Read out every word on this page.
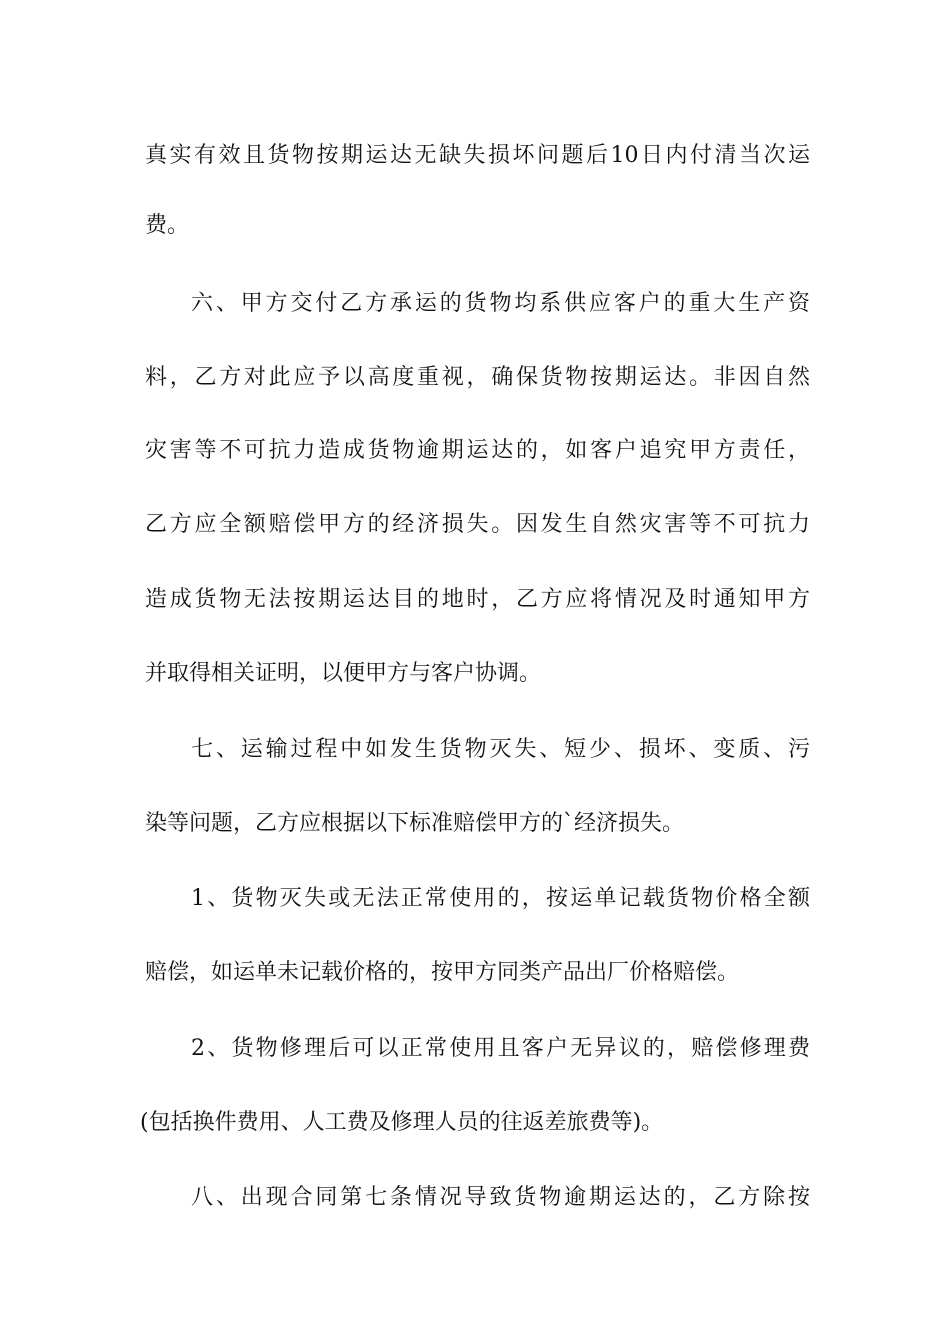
真实有效且货物按期运达无缺失损坏问题后10日内付清当次运
费。
六、甲方交付乙方承运的货物均系供应客户的重大生产资
料，乙方对此应予以高度重视，确保货物按期运达。非因自然
灾害等不可抗力造成货物逾期运达的，如客户追究甲方责任，
乙方应全额赔偿甲方的经济损失。因发生自然灾害等不可抗力
造成货物无法按期运达目的地时，乙方应将情况及时通知甲方
并取得相关证明，以便甲方与客户协调。
七、运输过程中如发生货物灭失、短少、损坏、变质、污
染等问题，乙方应根据以下标准赔偿甲方的`经济损失。
1、货物灭失或无法正常使用的，按运单记载货物价格全额
赔偿，如运单未记载价格的，按甲方同类产品出厂价格赔偿。
2、货物修理后可以正常使用且客户无异议的，赔偿修理费
(包括换件费用、人工费及修理人员的往返差旅费等)。
八、出现合同第七条情况导致货物逾期运达的，乙方除按
